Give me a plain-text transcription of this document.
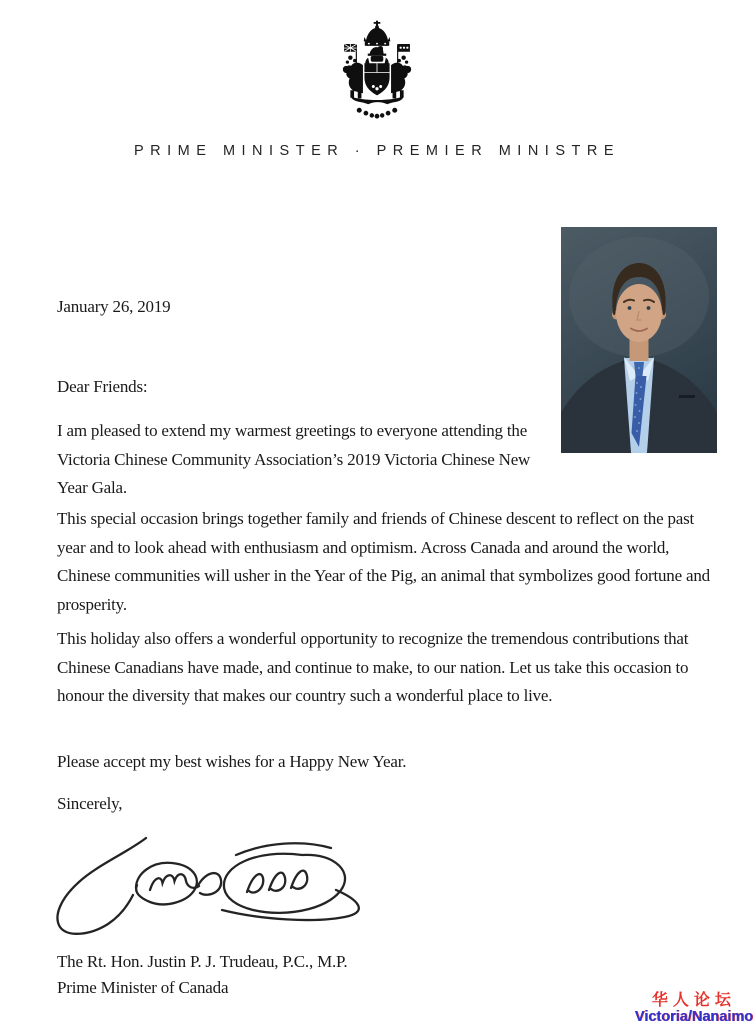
PRIME MINISTER · PREMIER MINISTRE
January 26, 2019
Dear Friends:
I am pleased to extend my warmest greetings to everyone attending the Victoria Chinese Community Association’s 2019 Victoria Chinese New Year Gala.
This special occasion brings together family and friends of Chinese descent to reflect on the past year and to look ahead with enthusiasm and optimism. Across Canada and around the world, Chinese communities will usher in the Year of the Pig, an animal that symbolizes good fortune and prosperity.
This holiday also offers a wonderful opportunity to recognize the tremendous contributions that Chinese Canadians have made, and continue to make, to our nation. Let us take this occasion to honour the diversity that makes our country such a wonderful place to live.
Please accept my best wishes for a Happy New Year.
Sincerely,
The Rt. Hon. Justin P. J. Trudeau, P.C., M.P.
Prime Minister of Canada
华人论坛
Victoria/Nanaimo
